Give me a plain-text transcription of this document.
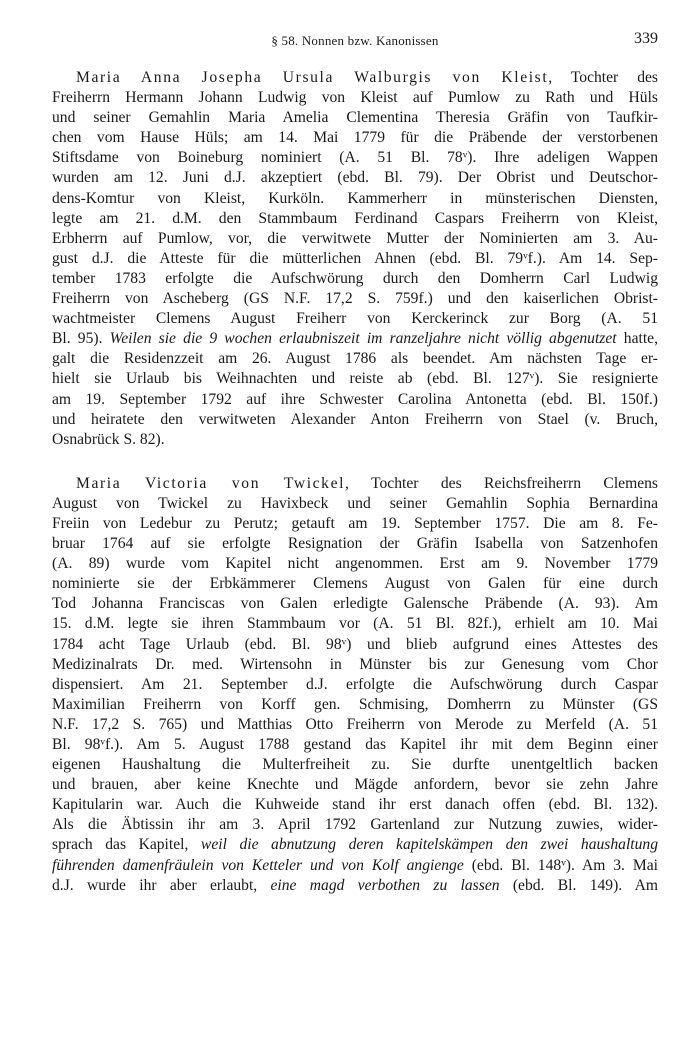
§ 58. Nonnen bzw. Kanonissen	339

Maria Anna Josepha Ursula Walburgis von Kleist, Tochter des

Freiherrn Hermann Johann Ludwig von Kleist auf Pumlow zu Rath und Hüls

und seiner Gemahlin Maria Amelia Clementina Theresia Gräfin von Taufkir-

chen vom Hause Hüls; am 14. Mai 1779 für die Präbende der verstorbenen

Stiftsdame von Boineburg nominiert (A. 51 Bl. 78ᵛ). Ihre adeligen Wappen

wurden am 12. Juni d.J. akzeptiert (ebd. Bl. 79). Der Obrist und Deutschor-

dens-Komtur von Kleist, Kurköln. Kammerherr in münsterischen Diensten,

legte am 21. d.M. den Stammbaum Ferdinand Caspars Freiherrn von Kleist,

Erbherrn auf Pumlow, vor, die verwitwete Mutter der Nominierten am 3. Au-

gust d.J. die Atteste für die mütterlichen Ahnen (ebd. Bl. 79ᵛf.). Am 14. Sep-

tember 1783 erfolgte die Aufschwörung durch den Domherrn Carl Ludwig

Freiherrn von Ascheberg (GS N.F. 17,2 S. 759f.) und den kaiserlichen Obrist-

wachtmeister Clemens August Freiherr von Kerckerinck zur Borg (A. 51

Bl. 95). Weilen sie die 9 wochen erlaubniszeit im ranzeljahre nicht völlig abgenutzet hatte,

galt die Residenzzeit am 26. August 1786 als beendet. Am nächsten Tage er-

hielt sie Urlaub bis Weihnachten und reiste ab (ebd. Bl. 127ᵛ). Sie resignierte

am 19. September 1792 auf ihre Schwester Carolina Antonetta (ebd. Bl. 150f.)

und heiratete den verwitweten Alexander Anton Freiherrn von Stael (v. Bruch,

Osnabrück S. 82).

Maria Victoria von Twickel, Tochter des Reichsfreiherrn Clemens

August von Twickel zu Havixbeck und seiner Gemahlin Sophia Bernardina

Freiin von Ledebur zu Perutz; getauft am 19. September 1757. Die am 8. Fe-

bruar 1764 auf sie erfolgte Resignation der Gräfin Isabella von Satzenhofen

(A. 89) wurde vom Kapitel nicht angenommen. Erst am 9. November 1779

nominierte sie der Erbkämmerer Clemens August von Galen für eine durch

Tod Johanna Franciscas von Galen erledigte Galensche Präbende (A. 93). Am

15. d.M. legte sie ihren Stammbaum vor (A. 51 Bl. 82f.), erhielt am 10. Mai

1784 acht Tage Urlaub (ebd. Bl. 98ᵛ) und blieb aufgrund eines Attestes des

Medizinalrats Dr. med. Wirtensohn in Münster bis zur Genesung vom Chor

dispensiert. Am 21. September d.J. erfolgte die Aufschwörung durch Caspar

Maximilian Freiherrn von Korff gen. Schmising, Domherrn zu Münster (GS

N.F. 17,2 S. 765) und Matthias Otto Freiherrn von Merode zu Merfeld (A. 51

Bl. 98ᵛf.). Am 5. August 1788 gestand das Kapitel ihr mit dem Beginn einer

eigenen Haushaltung die Multerfreiheit zu. Sie durfte unentgeltlich backen

und brauen, aber keine Knechte und Mägde anfordern, bevor sie zehn Jahre

Kapitularin war. Auch die Kuhweide stand ihr erst danach offen (ebd. Bl. 132).

Als die Äbtissin ihr am 3. April 1792 Gartenland zur Nutzung zuwies, wider-

sprach das Kapitel, weil die abnutzung deren kapitelskämpen den zwei haushaltung

führenden damenfräulein von Ketteler und von Kolf angienge (ebd. Bl. 148ᵛ). Am 3. Mai

d.J. wurde ihr aber erlaubt, eine magd verbothen zu lassen (ebd. Bl. 149). Am
